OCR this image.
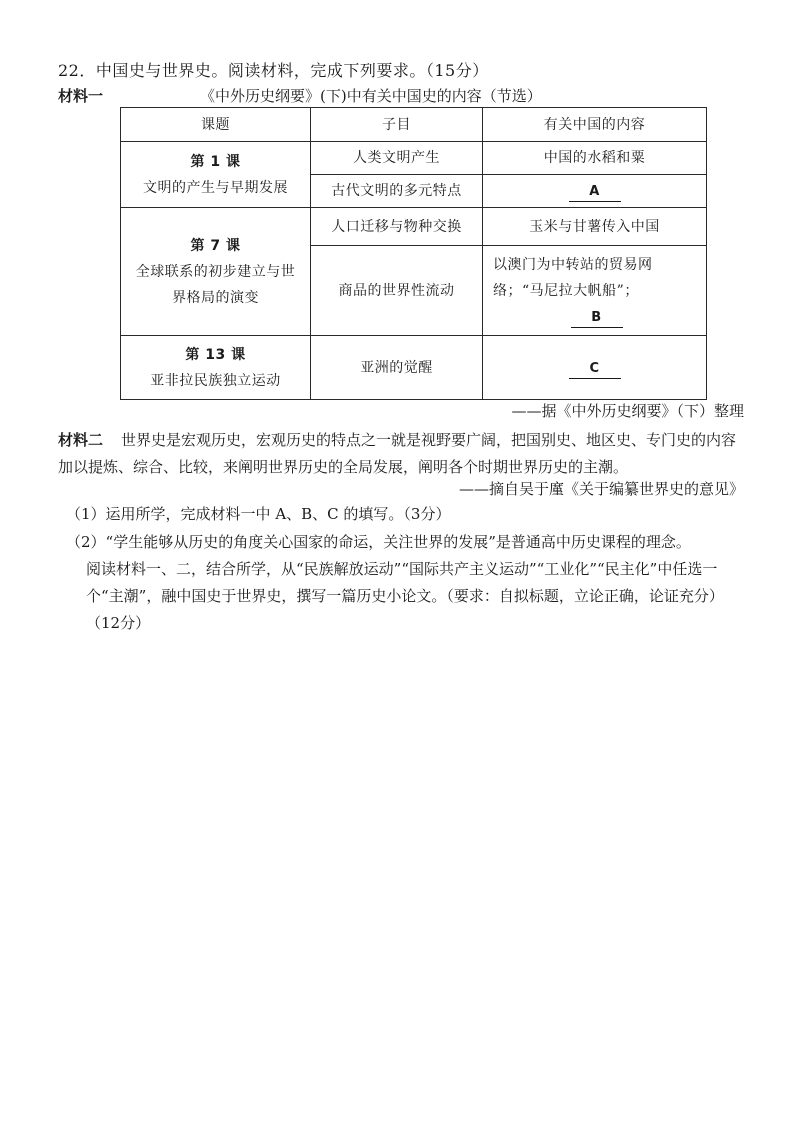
22．中国史与世界史。阅读材料，完成下列要求。（15分）
材料一	《中外历史纲要》(下)中有关中国史的内容（节选）
课题	子目	有关中国的内容

第 1 课
文明的产生与早期发展	人类文明产生	中国的水稻和粟
	古代文明的多元特点	A

第 7 课
全球联系的初步建立与世
界格局的演变	人口迁移与物种交换	玉米与甘薯传入中国
	商品的世界性流动	以澳门为中转站的贸易网
络；“马尼拉大帆船”；
B

第 13 课
亚非拉民族独立运动	亚洲的觉醒	C
——据《中外历史纲要》（下）整理
材料二 世界史是宏观历史，宏观历史的特点之一就是视野要广阔，把国别史、地区史、专门史的内容加以提炼、综合、比较，来阐明世界历史的全局发展，阐明各个时期世界历史的主潮。
——摘自吴于廑《关于编纂世界史的意见》
（1）运用所学，完成材料一中 A、B、C 的填写。（3分）
（2）“学生能够从历史的角度关心国家的命运，关注世界的发展”是普通高中历史课程的理念。
阅读材料一、二，结合所学，从“民族解放运动”“国际共产主义运动”“工业化”“民主化”中任选一个“主潮”，融中国史于世界史，撰写一篇历史小论文。（要求：自拟标题，立论正确，论证充分）（12分）
